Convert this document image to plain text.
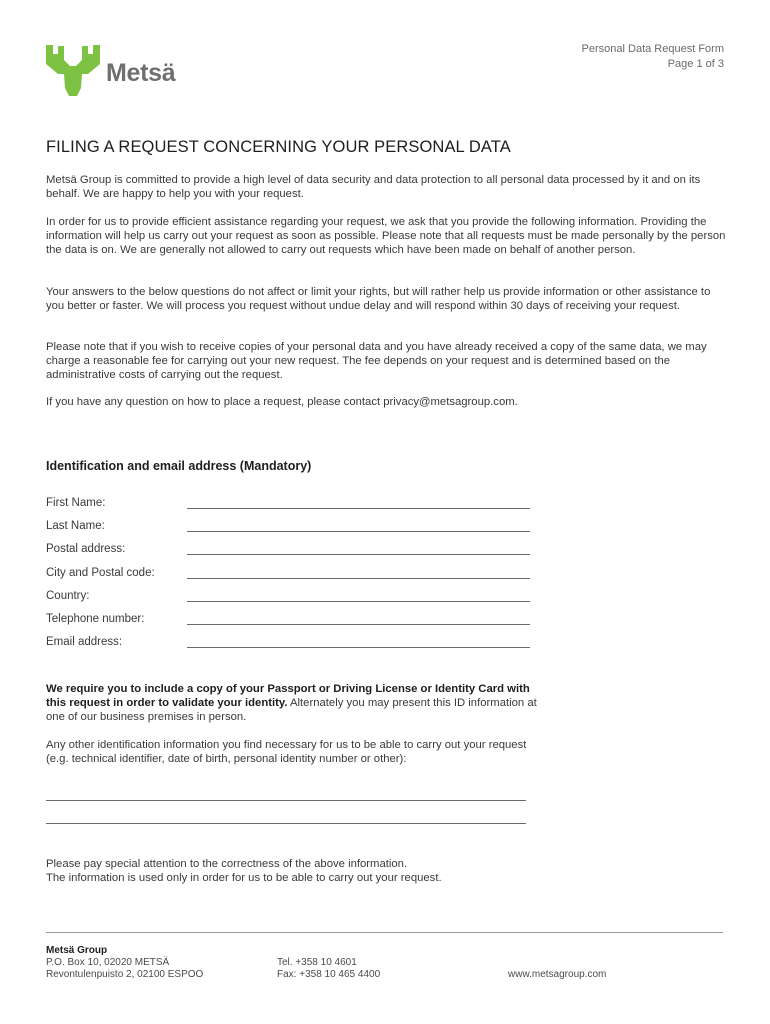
Metsä
Personal Data Request Form
Page 1 of 3
FILING A REQUEST CONCERNING YOUR PERSONAL DATA

Metsä Group is committed to provide a high level of data security and data protection to all personal data processed by it and on its behalf. We are happy to help you with your request.

In order for us to provide efficient assistance regarding your request, we ask that you provide the following information. Providing the information will help us carry out your request as soon as possible. Please note that all requests must be made personally by the person the data is on. We are generally not allowed to carry out requests which have been made on behalf of another person.

Your answers to the below questions do not affect or limit your rights, but will rather help us provide information or other assistance to you better or faster. We will process you request without undue delay and will respond within 30 days of receiving your request.

Please note that if you wish to receive copies of your personal data and you have already received a copy of the same data, we may charge a reasonable fee for carrying out your new request. The fee depends on your request and is determined based on the administrative costs of carrying out the request.

If you have any question on how to place a request, please contact privacy@metsagroup.com.

Identification and email address (Mandatory)
First Name:
Last Name:
Postal address:
City and Postal code:
Country:
Telephone number:
Email address:

We require you to include a copy of your Passport or Driving License or Identity Card with this request in order to validate your identity. Alternately you may present this ID information at one of our business premises in person.

Any other identification information you find necessary for us to be able to carry out your request (e.g. technical identifier, date of birth, personal identity number or other):

Please pay special attention to the correctness of the above information.

The information is used only in order for us to be able to carry out your request.

Metsä Group
P.O. Box 10, 02020 METSÄ
Revontulenpuisto 2, 02100 ESPOO
Tel. +358 10 4601
Fax: +358 10 465 4400	www.metsagroup.com
